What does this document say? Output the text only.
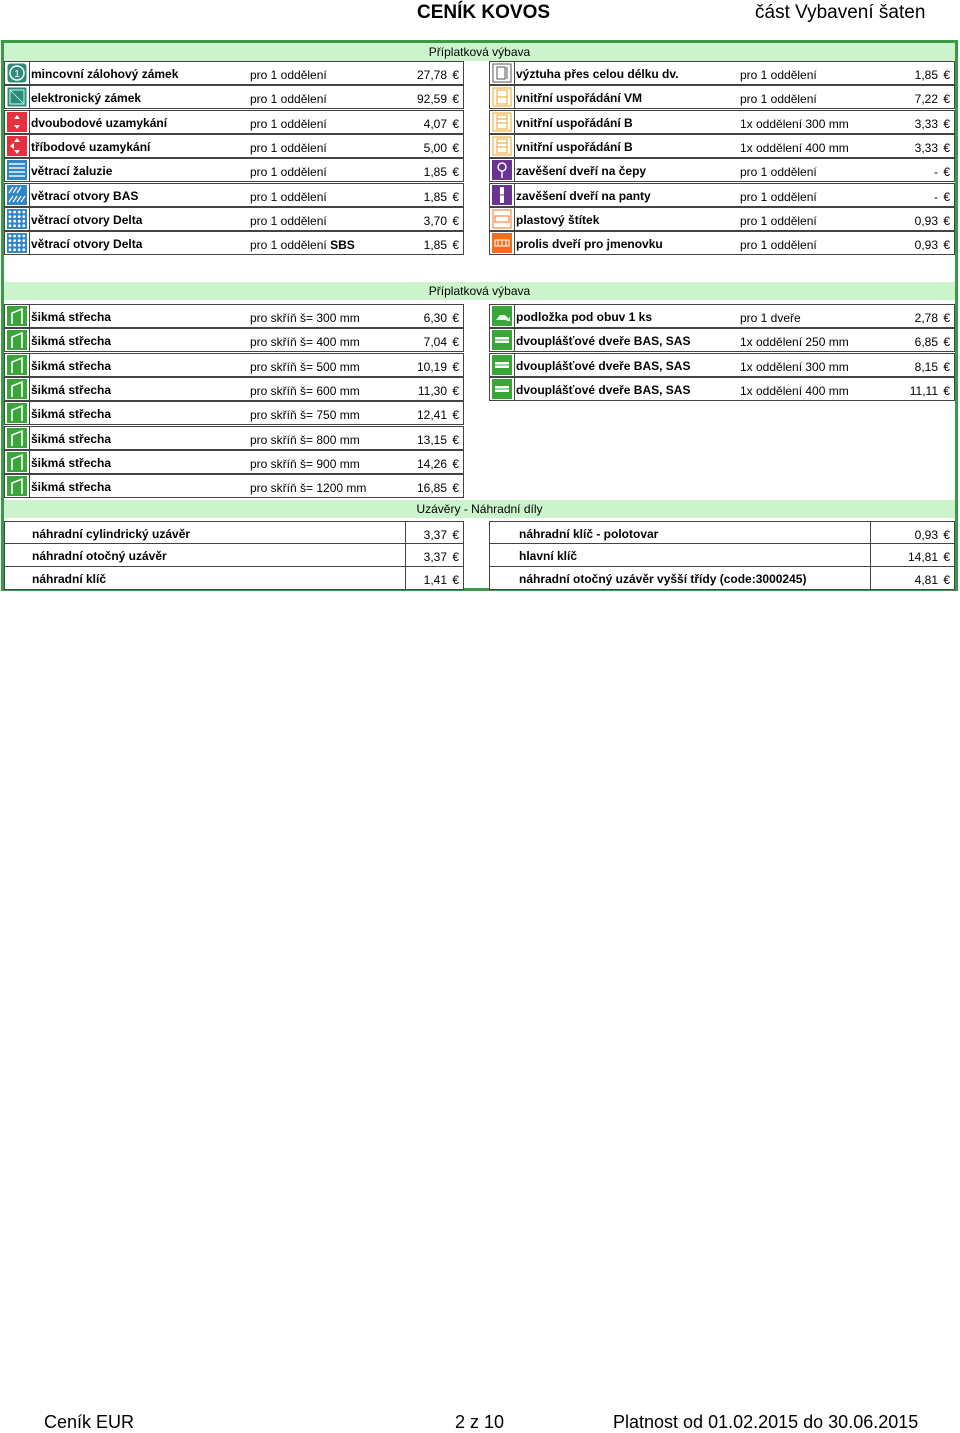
CENÍK KOVOS	část Vybavení šaten
Příplatková výbava
1 mincovní zálohový zámek	pro 1 oddělení	27,78 €
elektronický zámek	pro 1 oddělení	92,59 €
dvoubodové uzamykání	pro 1 oddělení	4,07 €
tříbodové uzamykání	pro 1 oddělení	5,00 €
větrací žaluzie	pro 1 oddělení	1,85 €
větrací otvory BAS	pro 1 oddělení	1,85 €
větrací otvory Delta	pro 1 oddělení	3,70 €
větrací otvory Delta	pro 1 oddělení SBS	1,85 €
výztuha přes celou délku dv.	pro 1 oddělení	1,85 €
vnitřní uspořádání VM	pro 1 oddělení	7,22 €
vnitřní uspořádání B	1x oddělení 300 mm	3,33 €
vnitřní uspořádání B	1x oddělení 400 mm	3,33 €
zavěšení dveří na čepy	pro 1 oddělení	- €
zavěšení dveří na panty	pro 1 oddělení	- €
plastový štítek	pro 1 oddělení	0,93 €
prolis dveří pro jmenovku	pro 1 oddělení	0,93 €
Příplatková výbava
šikmá střecha	pro skříň š= 300 mm	6,30 €
šikmá střecha	pro skříň š= 400 mm	7,04 €
šikmá střecha	pro skříň š= 500 mm	10,19 €
šikmá střecha	pro skříň š= 600 mm	11,30 €
šikmá střecha	pro skříň š= 750 mm	12,41 €
šikmá střecha	pro skříň š= 800 mm	13,15 €
šikmá střecha	pro skříň š= 900 mm	14,26 €
šikmá střecha	pro skříň š= 1200 mm	16,85 €
podložka pod obuv 1 ks	pro 1 dveře	2,78 €
dvouplášťové dveře BAS, SAS	1x oddělení 250 mm	6,85 €
dvouplášťové dveře BAS, SAS	1x oddělení 300 mm	8,15 €
dvouplášťové dveře BAS, SAS	1x oddělení 400 mm	11,11 €
Uzávěry - Náhradní díly
náhradní cylindrický uzávěr	3,37 €
náhradní otočný uzávěr	3,37 €
náhradní klíč	1,41 €
náhradní klíč - polotovar	0,93 €
hlavní klíč	14,81 €
náhradní otočný uzávěr vyšší třídy (code:3000245)	4,81 €
Ceník EUR	2 z 10	Platnost od 01.02.2015 do 30.06.2015
